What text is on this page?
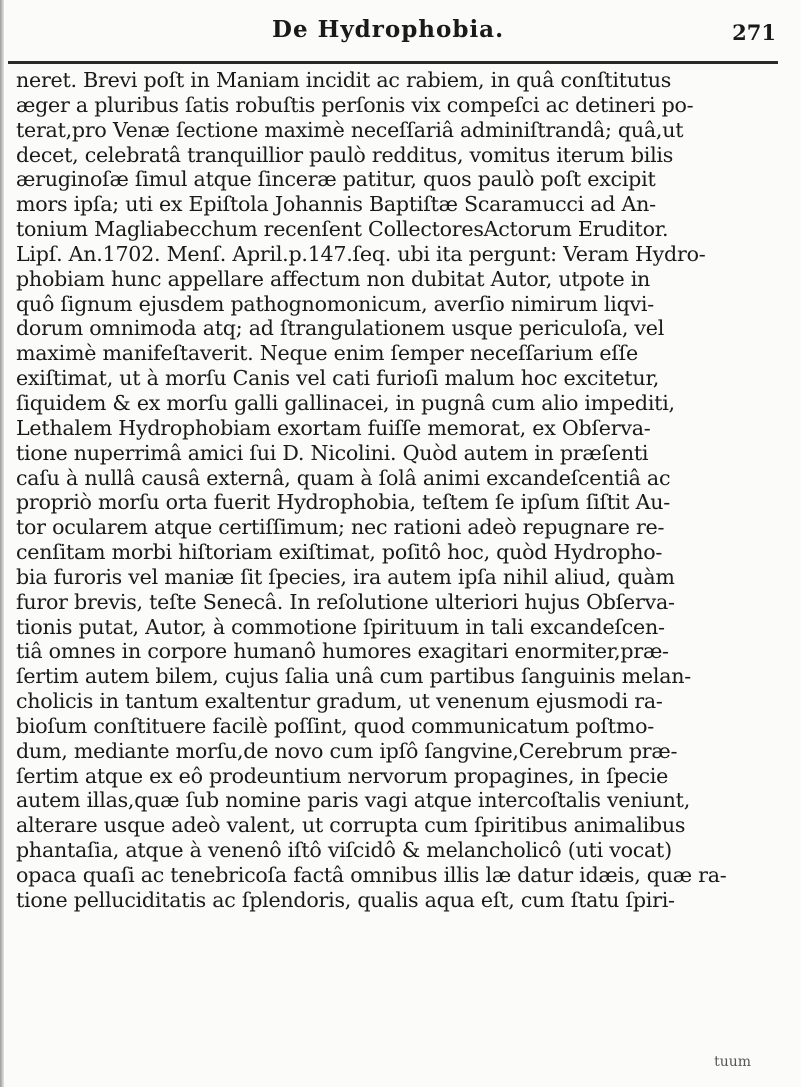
De Hydrophobia.	271
neret. Brevi poſt in Maniam incidit ac rabiem, in quâ conſtitutus
æger a pluribus ſatis robuſtis perſonis vix compeſci ac detineri po-
terat,pro Venæ ſectione maximè neceſſariâ adminiſtrandâ; quâ,ut
decet, celebratâ tranquillior paulò redditus, vomitus iterum bilis
æruginoſæ ſimul atque ſinceræ patitur, quos paulò poſt excipit
mors ipſa; uti ex Epiſtola Johannis Baptiſtæ Scaramucci ad An-
tonium Magliabecchum recenſent CollectoresActorum Eruditor.
Lipſ. An.1702. Menſ. April.p.147.ſeq. ubi ita pergunt: Veram Hydro-
phobiam hunc appellare affectum non dubitat Autor, utpote in
quô ſignum ejusdem pathognomonicum, averſio nimirum liqvi-
dorum omnimoda atq; ad ſtrangulationem usque periculoſa, vel
maximè manifeſtaverit. Neque enim ſemper neceſſarium eſſe
exiſtimat, ut à morſu Canis vel cati furioſi malum hoc excitetur,
ſiquidem & ex morſu galli gallinacei, in pugnâ cum alio impediti,
Lethalem Hydrophobiam exortam fuiſſe memorat, ex Obſerva-
tione nuperrimâ amici ſui D. Nicolini. Quòd autem in præſenti
caſu à nullâ causâ externâ, quam à ſolâ animi excandeſcentiâ ac
propriò morſu orta fuerit Hydrophobia, teſtem ſe ipſum ſiſtit Au-
tor ocularem atque certiſſimum; nec rationi adeò repugnare re-
cenſitam morbi hiſtoriam exiſtimat, poſitô hoc, quòd Hydropho-
bia furoris vel maniæ ſit ſpecies, ira autem ipſa nihil aliud, quàm
furor brevis, teſte Senecâ. In reſolutione ulteriori hujus Obſerva-
tionis putat, Autor, à commotione ſpirituum in tali excandeſcen-
tiâ omnes in corpore humanô humores exagitari enormiter,præ-
ſertim autem bilem, cujus ſalia unâ cum partibus ſanguinis melan-
cholicis in tantum exaltentur gradum, ut venenum ejusmodi ra-
bioſum conſtituere facilè poſſint, quod communicatum poſtmo-
dum, mediante morſu,de novo cum ipſô ſangvine,Cerebrum præ-
ſertim atque ex eô prodeuntium nervorum propagines, in ſpecie
autem illas,quæ ſub nomine paris vagi atque intercoſtalis veniunt,
alterare usque adeò valent, ut corrupta cum ſpiritibus animalibus
phantaſia, atque à venenô iſtô viſcidô & melancholicô (uti vocat)
opaca quaſi ac tenebricoſa factâ omnibus illis læ datur idæis, quæ ra-
tione pelluciditatis ac ſplendoris, qualis aqua eſt, cum ſtatu ſpiri-
tuum
